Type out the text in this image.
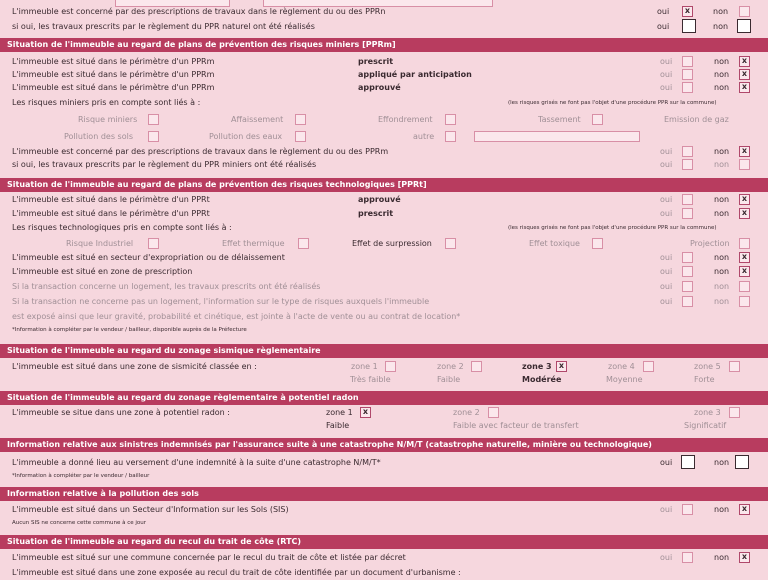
L'immeuble est concerné par des prescriptions de travaux dans le règlement du ou des PPRn	oui	x	non
si oui, les travaux prescrits par le règlement du PPR naturel ont été réalisés	oui	non
Situation de l'immeuble au regard de plans de prévention des risques miniers [PPRm]
L'immeuble est situé dans le périmètre d'un PPRm	prescrit	oui	non	x
L'immeuble est situé dans le périmètre d'un PPRm	appliqué par anticipation	oui	non	x
L'immeuble est situé dans le périmètre d'un PPRm	approuvé	oui	non	x
Les risques miniers pris en compte sont liés à :	(les risques grisés ne font pas l'objet d'une procédure PPR sur la commune)
Risque miniers	Affaissement	Effondrement	Tassement	Emission de gaz
Pollution des sols	Pollution des eaux	autre
L'immeuble est concerné par des prescriptions de travaux dans le règlement du ou des PPRm	oui	non	x
si oui, les travaux prescrits par le règlement du PPR miniers ont été réalisés	oui	non
Situation de l'immeuble au regard de plans de prévention des risques technologiques [PPRt]
L'immeuble est situé dans le périmètre d'un PPRt	approuvé	oui	non	x
L'immeuble est situé dans le périmètre d'un PPRt	prescrit	oui	non	x
Les risques technologiques pris en compte sont liés à :	(les risques grisés ne font pas l'objet d'une procédure PPR sur la commune)
Risque Industriel	Effet thermique	Effet de surpression	Effet toxique	Projection
L'immeuble est situé en secteur d'expropriation ou de délaissement	oui	non	x
L'immeuble est situé en zone de prescription	oui	non	x
Si la transaction concerne un logement, les travaux prescrits ont été réalisés	oui	non
Si la transaction ne concerne pas un logement, l'information sur le type de risques auxquels l'immeuble	oui	non
est exposé ainsi que leur gravité, probabilité et cinétique, est jointe à l'acte de vente ou au contrat de location*
*Information à compléter par le vendeur / bailleur, disponible auprès de la Préfecture
Situation de l'immeuble au regard du zonage sismique règlementaire
L'immeuble est situé dans une zone de sismicité classée en :	zone 1	zone 2	zone 3 x	zone 4	zone 5
Très faible	Faible	Modérée	Moyenne	Forte
Situation de l'immeuble au regard du zonage règlementaire à potentiel radon
L'immeuble se situe dans une zone à potentiel radon :	zone 1	x	zone 2	zone 3
Faible	Faible avec facteur de transfert	Significatif
Information relative aux sinistres indemnisés par l'assurance suite à une catastrophe N/M/T (catastrophe naturelle, minière ou technologique)
L'immeuble a donné lieu au versement d'une indemnité à la suite d'une catastrophe N/M/T*	oui	non
*Information à compléter par le vendeur / bailleur
Information relative à la pollution des sols
L'immeuble est situé dans un Secteur d'Information sur les Sols (SIS)	oui	non	x
Aucun SIS ne concerne cette commune à ce jour
Situation de l'immeuble au regard du recul du trait de côte (RTC)
L'immeuble est situé sur une commune concernée par le recul du trait de côte et listée par décret	oui	non	x
L'immeuble est situé dans une zone exposée au recul du trait de côte identifiée par un document d'urbanisme :
